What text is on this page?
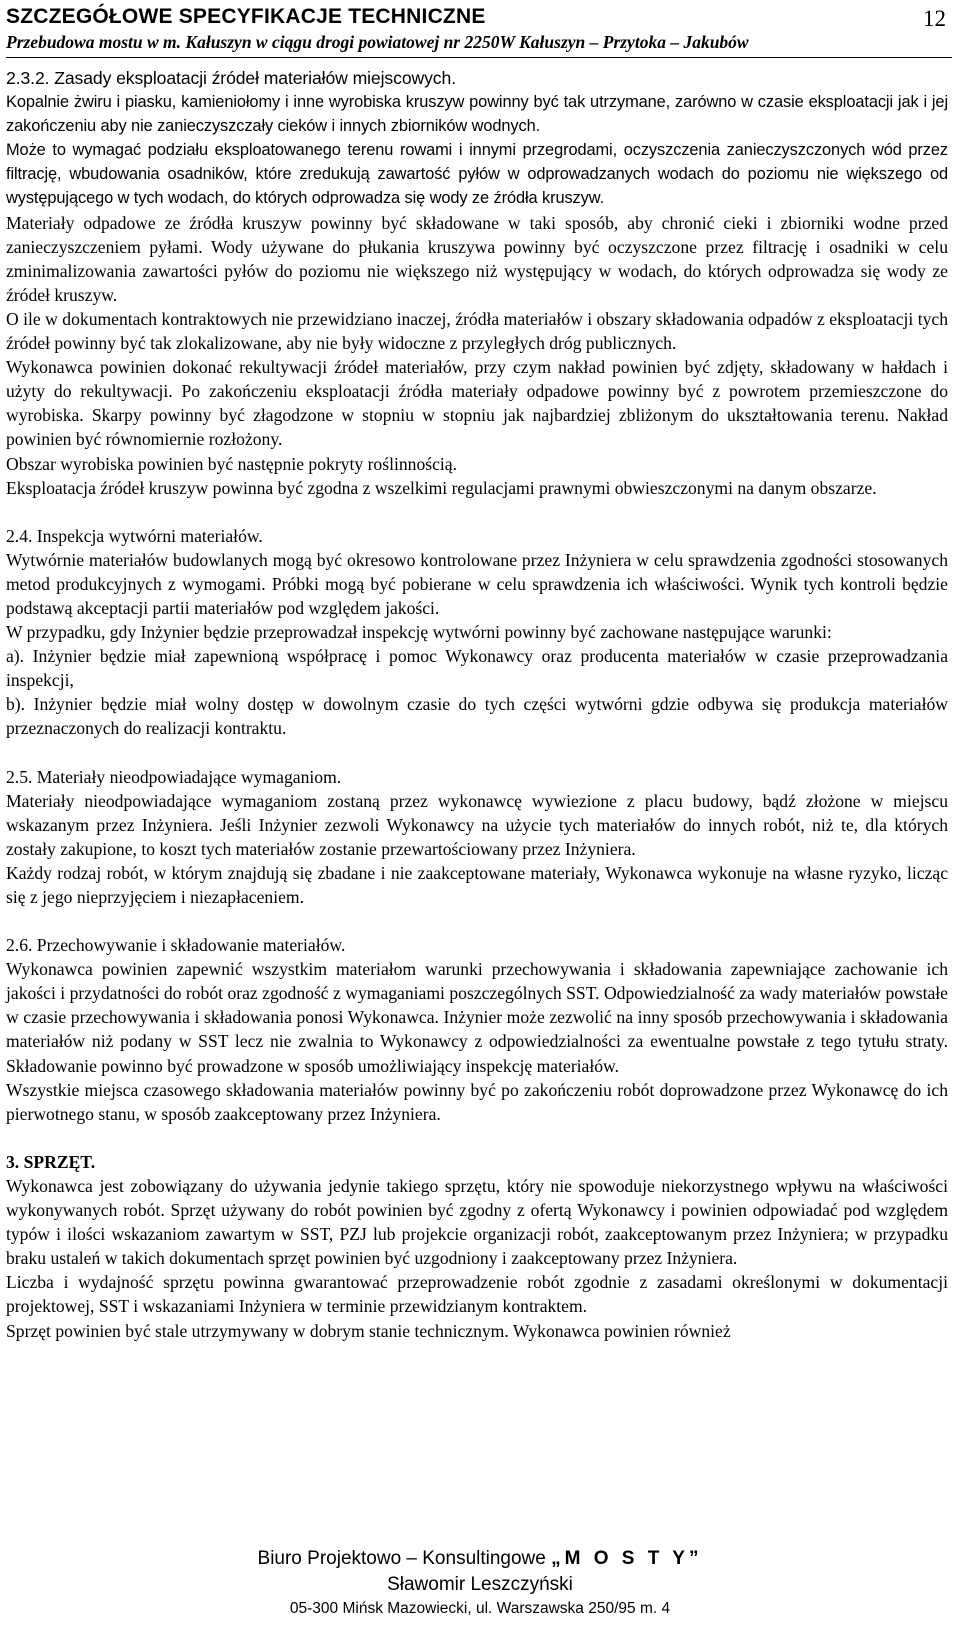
SZCZEGÓŁOWE SPECYFIKACJE TECHNICZNE
Przebudowa mostu w m. Kałuszyn w ciągu drogi powiatowej nr 2250W Kałuszyn – Przytoka – Jakubów
12
2.3.2. Zasady eksploatacji źródeł materiałów miejscowych.

Kopalnie żwiru i piasku, kamieniołomy i inne wyrobiska kruszyw powinny być tak utrzymane, zarówno w czasie eksploatacji jak i jej zakończeniu aby nie zanieczyszczały cieków i innych zbiorników wodnych.

Może to wymagać podziału eksploatowanego terenu rowami i innymi przegrodami, oczyszczenia zanieczyszczonych wód przez filtrację, wbudowania osadników, które zredukują zawartość pyłów w odprowadzanych wodach do poziomu nie większego od występującego w tych wodach, do których odprowadza się wody ze źródła kruszyw.

Materiały odpadowe ze źródła kruszyw powinny być składowane w taki sposób, aby chronić cieki i zbiorniki wodne przed zanieczyszczeniem pyłami. Wody używane do płukania kruszywa powinny być oczyszczone przez filtrację i osadniki w celu zminimalizowania zawartości pyłów do poziomu nie większego niż występujący w wodach, do których odprowadza się wody ze źródeł kruszyw.

O ile w dokumentach kontraktowych nie przewidziano inaczej, źródła materiałów i obszary składowania odpadów z eksploatacji tych źródeł powinny być tak zlokalizowane, aby nie były widoczne z przyległych dróg publicznych.

Wykonawca powinien dokonać rekultywacji źródeł materiałów, przy czym nakład powinien być zdjęty, składowany w hałdach i użyty do rekultywacji. Po zakończeniu eksploatacji źródła materiały odpadowe powinny być z powrotem przemieszczone do wyrobiska. Skarpy powinny być złagodzone w stopniu w stopniu jak najbardziej zbliżonym do ukształtowania terenu. Nakład powinien być równomiernie rozłożony.

Obszar wyrobiska powinien być następnie pokryty roślinnością.

Eksploatacja źródeł kruszyw powinna być zgodna z wszelkimi regulacjami prawnymi obwieszczonymi na danym obszarze.

2.4. Inspekcja wytwórni materiałów.

Wytwórnie materiałów budowlanych mogą być okresowo kontrolowane przez Inżyniera w celu sprawdzenia zgodności stosowanych metod produkcyjnych z wymogami. Próbki mogą być pobierane w celu sprawdzenia ich właściwości. Wynik tych kontroli będzie podstawą akceptacji partii materiałów pod względem jakości.

W przypadku, gdy Inżynier będzie przeprowadzał inspekcję wytwórni powinny być zachowane następujące warunki:

a). Inżynier będzie miał zapewnioną współpracę i pomoc Wykonawcy oraz producenta materiałów w czasie przeprowadzania inspekcji,

b). Inżynier będzie miał wolny dostęp w dowolnym czasie do tych części wytwórni gdzie odbywa się produkcja materiałów przeznaczonych do realizacji kontraktu.

2.5. Materiały nieodpowiadające wymaganiom.

Materiały nieodpowiadające wymaganiom zostaną przez wykonawcę wywiezione z placu budowy, bądź złożone w miejscu wskazanym przez Inżyniera. Jeśli Inżynier zezwoli Wykonawcy na użycie tych materiałów do innych robót, niż te, dla których zostały zakupione, to koszt tych materiałów zostanie przewartościowany przez Inżyniera.

Każdy rodzaj robót, w którym znajdują się zbadane i nie zaakceptowane materiały, Wykonawca wykonuje na własne ryzyko, licząc się z jego nieprzyjęciem i niezapłaceniem.

2.6. Przechowywanie i składowanie materiałów.

Wykonawca powinien zapewnić wszystkim materiałom warunki przechowywania i składowania zapewniające zachowanie ich jakości i przydatności do robót oraz zgodność z wymaganiami poszczególnych SST. Odpowiedzialność za wady materiałów powstałe w czasie przechowywania i składowania ponosi Wykonawca. Inżynier może zezwolić na inny sposób przechowywania i składowania materiałów niż podany w SST lecz nie zwalnia to Wykonawcy z odpowiedzialności za ewentualne powstałe z tego tytułu straty. Składowanie powinno być prowadzone w sposób umożliwiający inspekcję materiałów.

Wszystkie miejsca czasowego składowania materiałów powinny być po zakończeniu robót doprowadzone przez Wykonawcę do ich pierwotnego stanu, w sposób zaakceptowany przez Inżyniera.

3. SPRZĘT.

Wykonawca jest zobowiązany do używania jedynie takiego sprzętu, który nie spowoduje niekorzystnego wpływu na właściwości wykonywanych robót. Sprzęt używany do robót powinien być zgodny z ofertą Wykonawcy i powinien odpowiadać pod względem typów i ilości wskazaniom zawartym w SST, PZJ lub projekcie organizacji robót, zaakceptowanym przez Inżyniera; w przypadku braku ustaleń w takich dokumentach sprzęt powinien być uzgodniony i zaakceptowany przez Inżyniera.

Liczba i wydajność sprzętu powinna gwarantować przeprowadzenie robót zgodnie z zasadami określonymi w dokumentacji projektowej, SST i wskazaniami Inżyniera w terminie przewidzianym kontraktem.

Sprzęt powinien być stale utrzymywany w dobrym stanie technicznym. Wykonawca powinien również

Biuro Projektowo – Konsultingowe „M O S T Y”
Sławomir Leszczyński
05-300 Mińsk Mazowiecki, ul. Warszawska 250/95 m. 4
